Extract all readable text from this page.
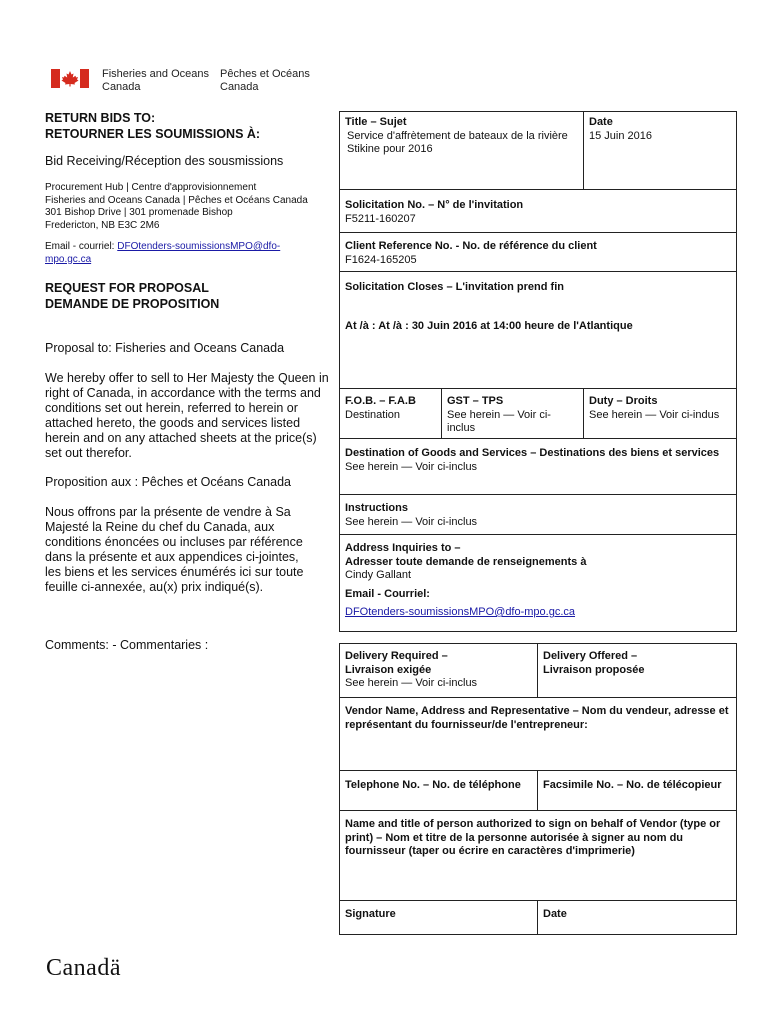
Fisheries and Oceans
Canada
Pêches et Océans
Canada
RETURN BIDS TO:
RETOURNER LES SOUMISSIONS À:
Bid Receiving/Réception des sousmissions
Procurement Hub | Centre d'approvisionnement
Fisheries and Oceans Canada | Pêches et Océans Canada
301 Bishop Drive | 301 promenade Bishop
Fredericton, NB E3C 2M6
Email - courriel: DFOtenders-soumissionsMPO@dfo-
mpo.gc.ca
REQUEST FOR PROPOSAL
DEMANDE DE PROPOSITION
Proposal to: Fisheries and Oceans Canada
We hereby offer to sell to Her Majesty the Queen in right of Canada, in accordance with the terms and conditions set out herein, referred to herein or attached hereto, the goods and services listed herein and on any attached sheets at the price(s) set out therefor.
Proposition aux : Pêches et Océans Canada
Nous offrons par la présente de vendre à Sa Majesté la Reine du chef du Canada, aux conditions énoncées ou incluses par référence dans la présente et aux appendices ci-jointes, les biens et les services énumérés ici sur toute feuille ci-annexée, au(x) prix indiqué(s).
Comments: - Commentaries :
Title – Sujet
Service d'affrètement de bateaux de la rivière Stikine pour 2016
Date
15 Juin 2016
Solicitation No. – N° de l'invitation
F5211-160207
Client Reference No. - No. de référence du client
F1624-165205
Solicitation Closes – L'invitation prend fin
At /à : At /à : 30 Juin 2016 at 14:00 heure de l'Atlantique
F.O.B. – F.A.B
Destination
GST – TPS
See herein — Voir ci-inclus
Duty – Droits
See herein — Voir ci-indus
Destination of Goods and Services – Destinations des biens et services
See herein — Voir ci-inclus
Instructions
See herein — Voir ci-inclus
Address Inquiries to –
Adresser toute demande de renseignements à
Cindy Gallant
Email - Courriel:
DFOtenders-soumissionsMPO@dfo-mpo.gc.ca
Delivery Required –
Livraison exigée
See herein — Voir ci-inclus
Delivery Offered –
Livraison proposée
Vendor Name, Address and Representative – Nom du vendeur, adresse et représentant du fournisseur/de l'entrepreneur:
Telephone No. – No. de téléphone	Facsimile No. – No. de télécopieur
Name and title of person authorized to sign on behalf of Vendor (type or print) – Nom et titre de la personne autorisée à signer au nom du fournisseur (taper ou écrire en caractères d'imprimerie)
Signature	Date
Canadä
